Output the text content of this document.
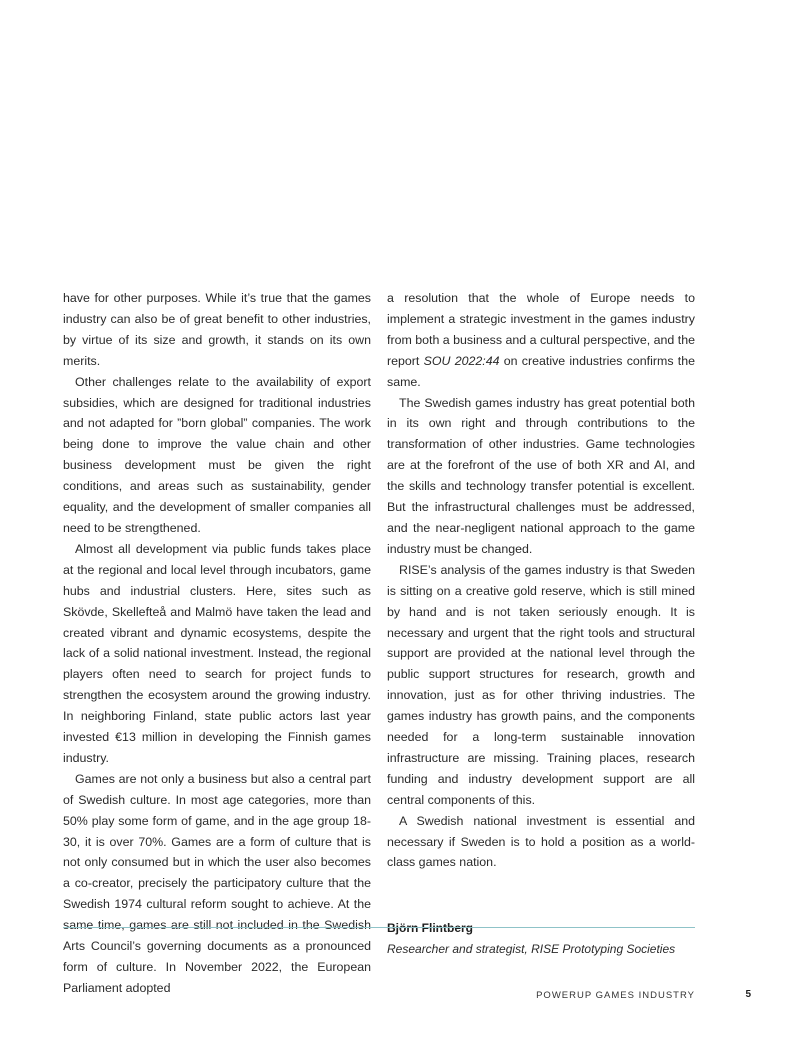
have for other purposes. While it’s true that the games industry can also be of great benefit to other industries, by virtue of its size and growth, it stands on its own merits.

Other challenges relate to the availability of export subsidies, which are designed for traditional industries and not adapted for ”born global” companies. The work being done to improve the value chain and other business development must be given the right conditions, and areas such as sustainability, gender equality, and the development of smaller companies all need to be strengthened.

Almost all development via public funds takes place at the regional and local level through incubators, game hubs and industrial clusters. Here, sites such as Skövde, Skellefteå and Malmö have taken the lead and created vibrant and dynamic ecosystems, despite the lack of a solid national investment. Instead, the regional players often need to search for project funds to strengthen the ecosystem around the growing industry. In neighboring Finland, state public actors last year invested €13 million in developing the Finnish games industry.

Games are not only a business but also a central part of Swedish culture. In most age categories, more than 50% play some form of game, and in the age group 18-30, it is over 70%. Games are a form of culture that is not only consumed but in which the user also becomes a co-creator, precisely the participatory culture that the Swedish 1974 cultural reform sought to achieve. At the same time, games are still not included in the Swedish Arts Council’s governing documents as a pronounced form of culture. In November 2022, the European Parliament adopted

a resolution that the whole of Europe needs to implement a strategic investment in the games industry from both a business and a cultural perspective, and the report SOU 2022:44 on creative industries confirms the same.

The Swedish games industry has great potential both in its own right and through contributions to the transformation of other industries. Game technologies are at the forefront of the use of both XR and AI, and the skills and technology transfer potential is excellent. But the infrastructural challenges must be addressed, and the near-negligent national approach to the game industry must be changed.

RISE’s analysis of the games industry is that Sweden is sitting on a creative gold reserve, which is still mined by hand and is not taken seriously enough. It is necessary and urgent that the right tools and structural support are provided at the national level through the public support structures for research, growth and innovation, just as for other thriving industries. The games industry has growth pains, and the components needed for a long-term sustainable innovation infrastructure are missing. Training places, research funding and industry development support are all central components of this.

A Swedish national investment is essential and necessary if Sweden is to hold a position as a world-class games nation.

Björn Flintberg
Researcher and strategist, RISE Prototyping Societies
POWERUP GAMES INDUSTRY	5
